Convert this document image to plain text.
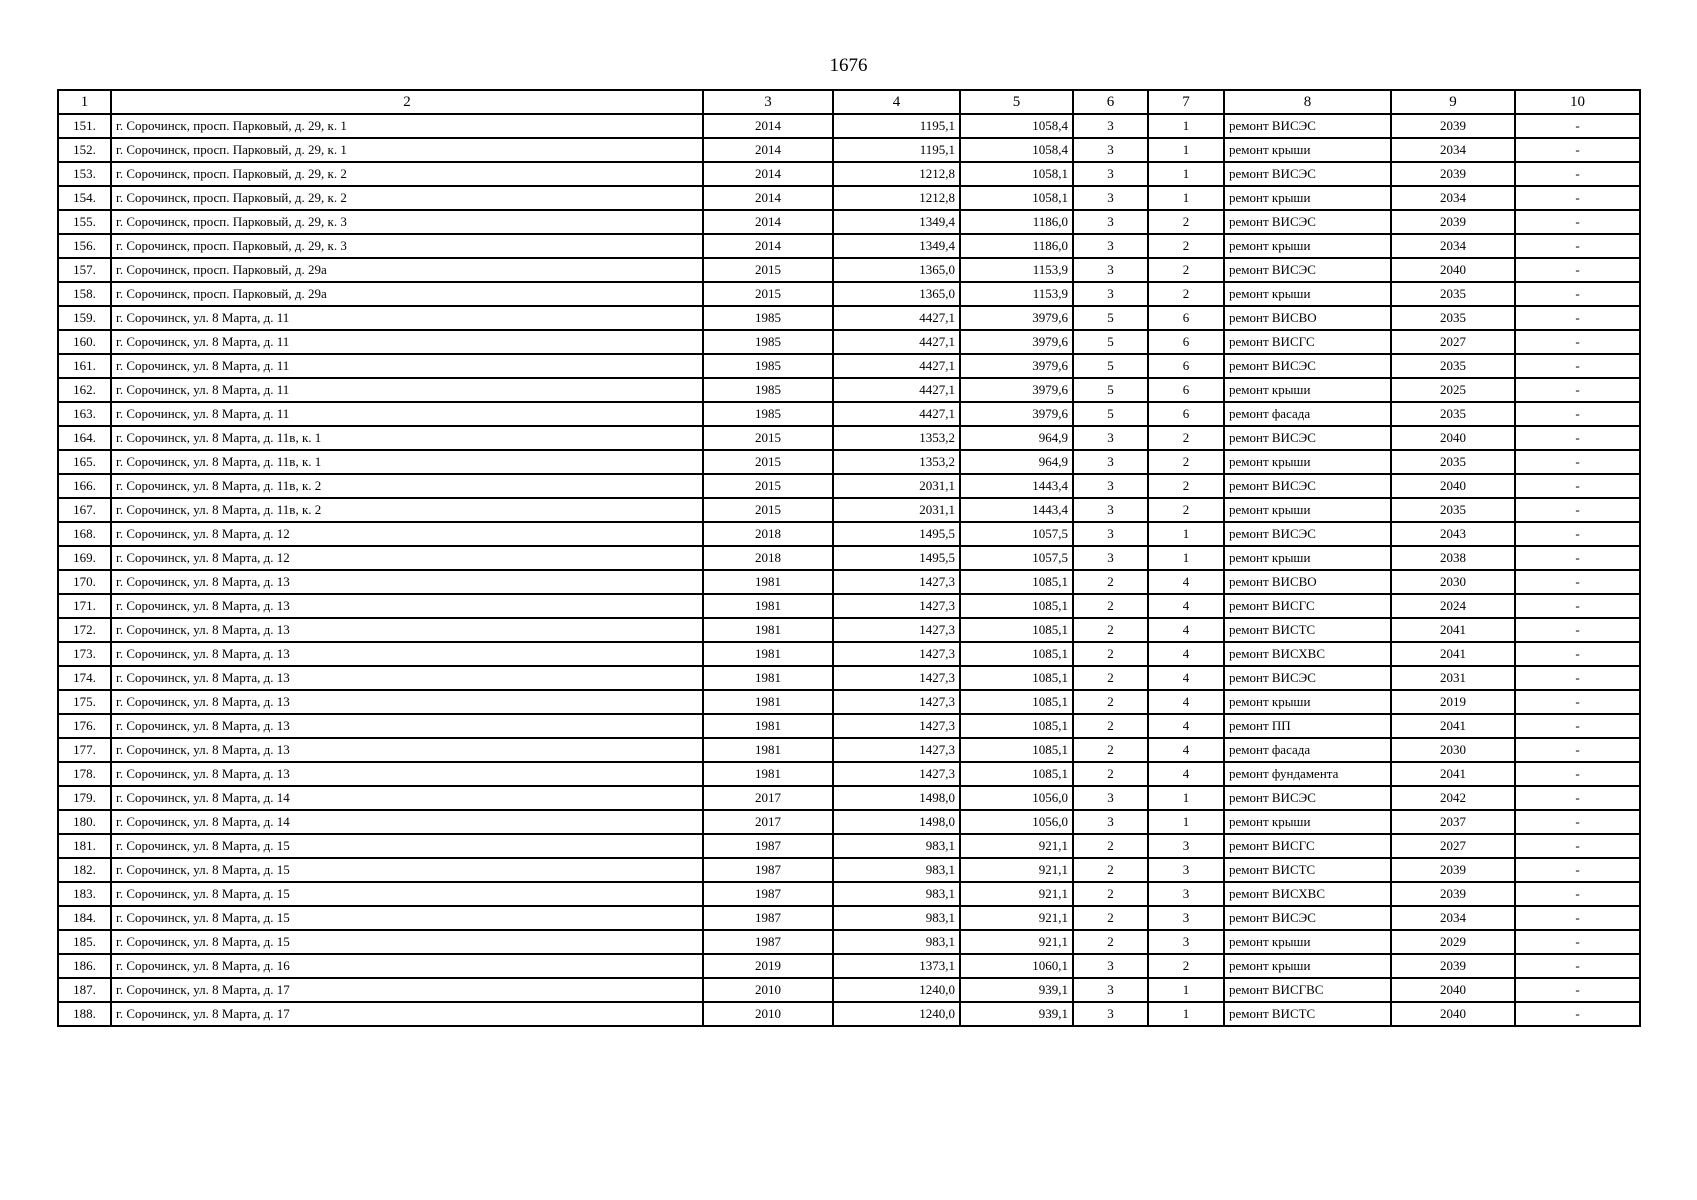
1676
1	2	3	4	5	6	7	8	9	10
151.	г. Сорочинск, просп. Парковый, д. 29, к. 1	2014	1195,1	1058,4	3	1	ремонт ВИСЭС	2039	-
152.	г. Сорочинск, просп. Парковый, д. 29, к. 1	2014	1195,1	1058,4	3	1	ремонт крыши	2034	-
153.	г. Сорочинск, просп. Парковый, д. 29, к. 2	2014	1212,8	1058,1	3	1	ремонт ВИСЭС	2039	-
154.	г. Сорочинск, просп. Парковый, д. 29, к. 2	2014	1212,8	1058,1	3	1	ремонт крыши	2034	-
155.	г. Сорочинск, просп. Парковый, д. 29, к. 3	2014	1349,4	1186,0	3	2	ремонт ВИСЭС	2039	-
156.	г. Сорочинск, просп. Парковый, д. 29, к. 3	2014	1349,4	1186,0	3	2	ремонт крыши	2034	-
157.	г. Сорочинск, просп. Парковый, д. 29а	2015	1365,0	1153,9	3	2	ремонт ВИСЭС	2040	-
158.	г. Сорочинск, просп. Парковый, д. 29а	2015	1365,0	1153,9	3	2	ремонт крыши	2035	-
159.	г. Сорочинск, ул. 8 Марта, д. 11	1985	4427,1	3979,6	5	6	ремонт ВИСВО	2035	-
160.	г. Сорочинск, ул. 8 Марта, д. 11	1985	4427,1	3979,6	5	6	ремонт ВИСГС	2027	-
161.	г. Сорочинск, ул. 8 Марта, д. 11	1985	4427,1	3979,6	5	6	ремонт ВИСЭС	2035	-
162.	г. Сорочинск, ул. 8 Марта, д. 11	1985	4427,1	3979,6	5	6	ремонт крыши	2025	-
163.	г. Сорочинск, ул. 8 Марта, д. 11	1985	4427,1	3979,6	5	6	ремонт фасада	2035	-
164.	г. Сорочинск, ул. 8 Марта, д. 11в, к. 1	2015	1353,2	964,9	3	2	ремонт ВИСЭС	2040	-
165.	г. Сорочинск, ул. 8 Марта, д. 11в, к. 1	2015	1353,2	964,9	3	2	ремонт крыши	2035	-
166.	г. Сорочинск, ул. 8 Марта, д. 11в, к. 2	2015	2031,1	1443,4	3	2	ремонт ВИСЭС	2040	-
167.	г. Сорочинск, ул. 8 Марта, д. 11в, к. 2	2015	2031,1	1443,4	3	2	ремонт крыши	2035	-
168.	г. Сорочинск, ул. 8 Марта, д. 12	2018	1495,5	1057,5	3	1	ремонт ВИСЭС	2043	-
169.	г. Сорочинск, ул. 8 Марта, д. 12	2018	1495,5	1057,5	3	1	ремонт крыши	2038	-
170.	г. Сорочинск, ул. 8 Марта, д. 13	1981	1427,3	1085,1	2	4	ремонт ВИСВО	2030	-
171.	г. Сорочинск, ул. 8 Марта, д. 13	1981	1427,3	1085,1	2	4	ремонт ВИСГС	2024	-
172.	г. Сорочинск, ул. 8 Марта, д. 13	1981	1427,3	1085,1	2	4	ремонт ВИСТС	2041	-
173.	г. Сорочинск, ул. 8 Марта, д. 13	1981	1427,3	1085,1	2	4	ремонт ВИСХВС	2041	-
174.	г. Сорочинск, ул. 8 Марта, д. 13	1981	1427,3	1085,1	2	4	ремонт ВИСЭС	2031	-
175.	г. Сорочинск, ул. 8 Марта, д. 13	1981	1427,3	1085,1	2	4	ремонт крыши	2019	-
176.	г. Сорочинск, ул. 8 Марта, д. 13	1981	1427,3	1085,1	2	4	ремонт ПП	2041	-
177.	г. Сорочинск, ул. 8 Марта, д. 13	1981	1427,3	1085,1	2	4	ремонт фасада	2030	-
178.	г. Сорочинск, ул. 8 Марта, д. 13	1981	1427,3	1085,1	2	4	ремонт фундамента	2041	-
179.	г. Сорочинск, ул. 8 Марта, д. 14	2017	1498,0	1056,0	3	1	ремонт ВИСЭС	2042	-
180.	г. Сорочинск, ул. 8 Марта, д. 14	2017	1498,0	1056,0	3	1	ремонт крыши	2037	-
181.	г. Сорочинск, ул. 8 Марта, д. 15	1987	983,1	921,1	2	3	ремонт ВИСГС	2027	-
182.	г. Сорочинск, ул. 8 Марта, д. 15	1987	983,1	921,1	2	3	ремонт ВИСТС	2039	-
183.	г. Сорочинск, ул. 8 Марта, д. 15	1987	983,1	921,1	2	3	ремонт ВИСХВС	2039	-
184.	г. Сорочинск, ул. 8 Марта, д. 15	1987	983,1	921,1	2	3	ремонт ВИСЭС	2034	-
185.	г. Сорочинск, ул. 8 Марта, д. 15	1987	983,1	921,1	2	3	ремонт крыши	2029	-
186.	г. Сорочинск, ул. 8 Марта, д. 16	2019	1373,1	1060,1	3	2	ремонт крыши	2039	-
187.	г. Сорочинск, ул. 8 Марта, д. 17	2010	1240,0	939,1	3	1	ремонт ВИСГВС	2040	-
188.	г. Сорочинск, ул. 8 Марта, д. 17	2010	1240,0	939,1	3	1	ремонт ВИСТС	2040	-
